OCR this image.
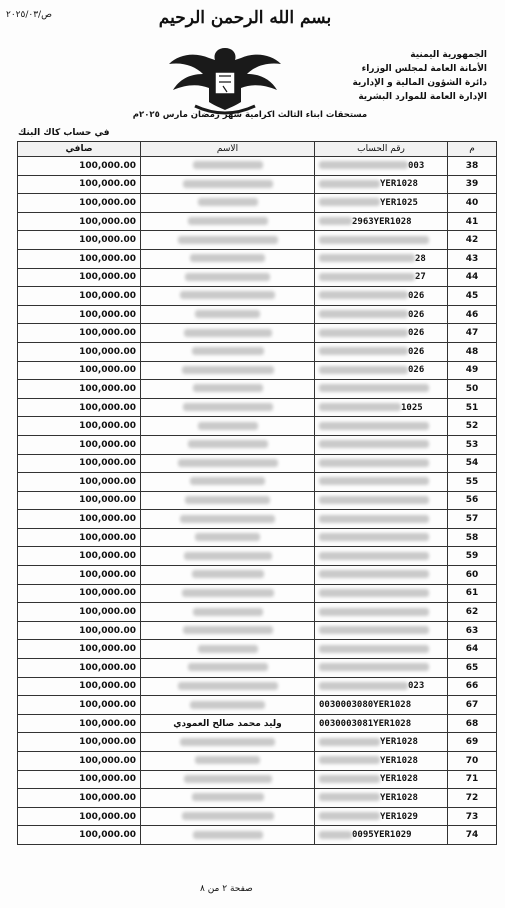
ص/٢٠٢٥/٠٣	بسم الله الرحمن الرحيم
الجمهورية اليمنية
الأمانة العامة لمجلس الوزراء
دائرة الشؤون المالية و الإدارية
الإدارة العامة للموارد البشرية
مستحقات ابناء الثالث اكرامية شهر رمضان مارس ٢٠٢٥م
في حساب كاك البنك
صافي	الاسم	رقم الحساب	م
100,000.00		003	38
100,000.00		YER1028	39
100,000.00		YER1025	40
100,000.00		2963YER1028	41
100,000.00			42
100,000.00		28	43
100,000.00		27	44
100,000.00		026	45
100,000.00		026	46
100,000.00		026	47
100,000.00		026	48
100,000.00		026	49
100,000.00			50
100,000.00		1025	51
100,000.00			52
100,000.00			53
100,000.00			54
100,000.00			55
100,000.00			56
100,000.00			57
100,000.00			58
100,000.00			59
100,000.00			60
100,000.00			61
100,000.00			62
100,000.00			63
100,000.00			64
100,000.00			65
100,000.00		023	66
100,000.00		0030003080YER1028	67
100,000.00	وليد محمد صالح العمودي	0030003081YER1028	68
100,000.00		YER1028	69
100,000.00		YER1028	70
100,000.00		YER1028	71
100,000.00		YER1028	72
100,000.00		YER1029	73
100,000.00		0095YER1029	74
صفحة ٢ من ٨
